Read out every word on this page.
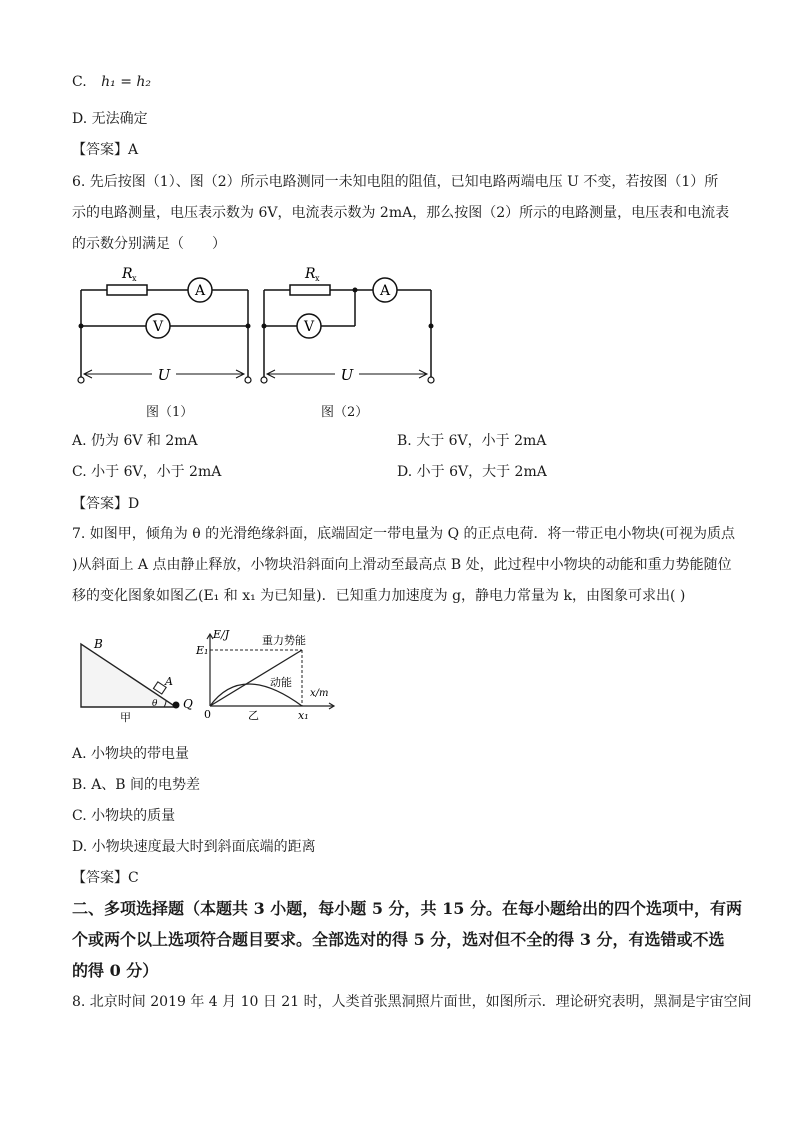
C. h₁ = h₂
D. 无法确定
【答案】A
6. 先后按图（1）、图（2）所示电路测同一未知电阻的阻值，已知电路两端电压 U 不变，若按图（1）所
示的电路测量，电压表示数为 6V，电流表示数为 2mA，那么按图（2）所示的电路测量，电压表和电流表
的示数分别满足（　　）
R x
A
V
U
图（1）
R x
A
V
U
图（2）
A. 仍为 6V 和 2mA	B. 大于 6V，小于 2mA
C. 小于 6V，小于 2mA	D. 小于 6V，大于 2mA
【答案】D
7. 如图甲，倾角为 θ 的光滑绝缘斜面，底端固定一带电量为 Q 的正点电荷．将一带正电小物块(可视为质点
)从斜面上 A 点由静止释放，小物块沿斜面向上滑动至最高点 B 处，此过程中小物块的动能和重力势能随位
移的变化图象如图乙(E₁ 和 x₁ 为已知量)．已知重力加速度为 g，静电力常量为 k，由图象可求出( )
B
A
θ Q
甲
E/J
E₁
重力势能
动能
x/m
0	乙	x₁
A. 小物块的带电量
B. A、B 间的电势差
C. 小物块的质量
D. 小物块速度最大时到斜面底端的距离
【答案】C
二、多项选择题（本题共 3 小题，每小题 5 分，共 15 分。在每小题给出的四个选项中，有两
个或两个以上选项符合题目要求。全部选对的得 5 分，选对但不全的得 3 分，有选错或不选
的得 0 分）
8. 北京时间 2019 年 4 月 10 日 21 时，人类首张黑洞照片面世，如图所示．理论研究表明，黑洞是宇宙空间
